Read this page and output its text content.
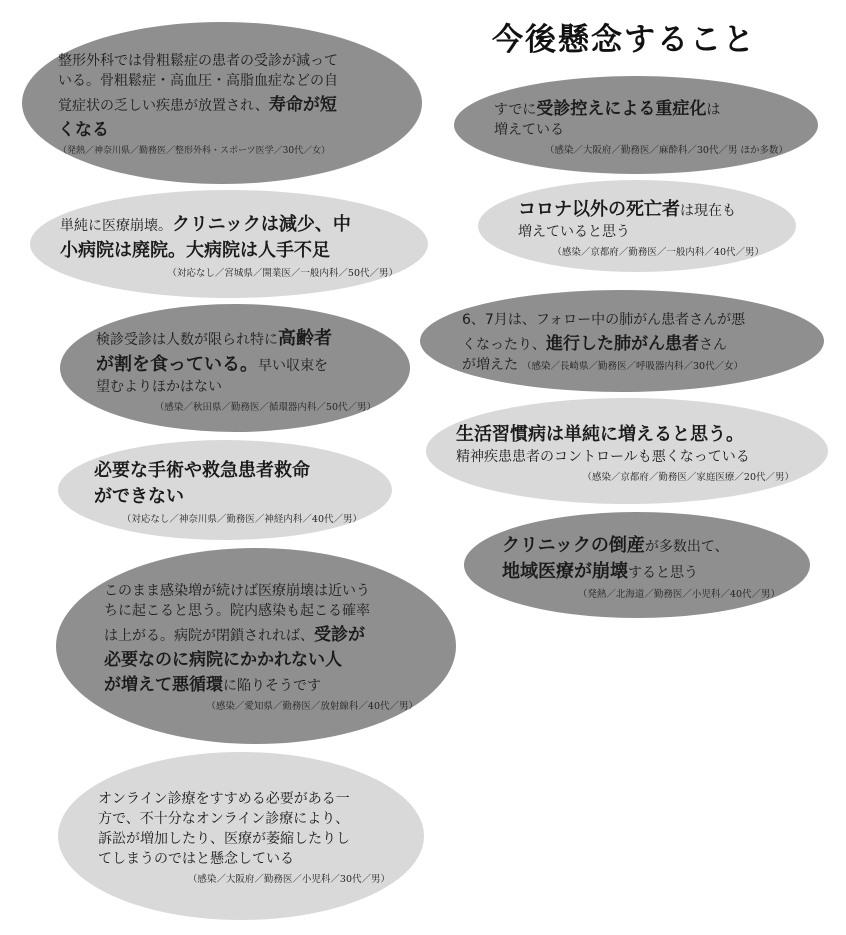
今後懸念すること
整形外科では骨粗鬆症の患者の受診が減って
いる。骨粗鬆症・高血圧・高脂血症などの自
覚症状の乏しい疾患が放置され、寿命が短
くなる
（発熱／神奈川県／勤務医／整形外科・スポーツ医学／30代／女）
単純に医療崩壊。クリニックは減少、中
小病院は廃院。大病院は人手不足
（対応なし／宮城県／開業医／一般内科／50代／男）
検診受診は人数が限られ特に高齢者
が割を食っている。早い収束を
望むよりほかはない
（感染／秋田県／勤務医／循環器内科／50代／男）
必要な手術や救急患者救命
ができない
（対応なし／神奈川県／勤務医／神経内科／40代／男）
このまま感染増が続けば医療崩壊は近いう
ちに起こると思う。院内感染も起こる確率
は上がる。病院が閉鎖されれば、受診が
必要なのに病院にかかれない人
が増えて悪循環に陥りそうです
（感染／愛知県／勤務医／放射線科／40代／男）
オンライン診療をすすめる必要がある一
方で、不十分なオンライン診療により、
訴訟が増加したり、医療が萎縮したりし
てしまうのではと懸念している
（感染／大阪府／勤務医／小児科／30代／男）
すでに受診控えによる重症化は
増えている
（感染／大阪府／勤務医／麻酔科／30代／男 ほか多数）
コロナ以外の死亡者は現在も
増えていると思う
（感染／京都府／勤務医／一般内科／40代／男）
6、7月は、フォロー中の肺がん患者さんが悪
くなったり、進行した肺がん患者さん
が増えた （感染／長崎県／勤務医／呼吸器内科／30代／女）
生活習慣病は単純に増えると思う。
精神疾患患者のコントロールも悪くなっている
（感染／京都府／勤務医／家庭医療／20代／男）
クリニックの倒産が多数出て、
地域医療が崩壊すると思う
（発熱／北海道／勤務医／小児科／40代／男）
